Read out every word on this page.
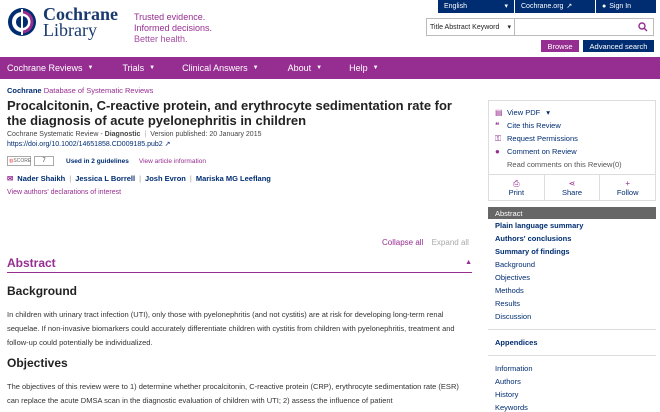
Cochrane
Library
Trusted evidence.
Informed decisions.
Better health.
English	▾ Cochrane.org ↗	● Sign In
Title Abstract Keyword ▾
Browse	Advanced search
Cochrane Reviews ▼	Trials ▼	Clinical Answers ▼	About ▼	Help ▼
Cochrane Database of Systematic Reviews
Procalcitonin, C-reactive protein, and erythrocyte sedimentation rate for the diagnosis of acute pyelonephritis in children
Cochrane Systematic Review - Diagnostic | Version published: 20 January 2015
https://doi.org/10.1002/14651858.CD009185.pub2 ↗
◍ SCORE	7	Used in 2 guidelines View article information
✉ Nader Shaikh | Jessica L Borrell | Josh Evron | Mariska MG Leeflang
View authors' declarations of interest
Collapse all Expand all
Abstract	▲
Background
In children with urinary tract infection (UTI), only those with pyelonephritis (and not cystitis) are at risk for developing long-term renal sequelae. If non-invasive biomarkers could accurately differentiate children with cystitis from children with pyelonephritis, treatment and follow-up could potentially be individualized.
Objectives
The objectives of this review were to 1) determine whether procalcitonin, C-reactive protein (CRP), erythrocyte sedimentation rate (ESR) can replace the acute DMSA scan in the diagnostic evaluation of children with UTI; 2) assess the influence of patient
▤ View PDF ▾
❝	Cite this Review
⚿ Request Permissions
● Comment on Review
Read comments on this Review(0)
⎙
Print
⋖
Share
+
Follow
Abstract
Plain language summary
Authors' conclusions
Summary of findings
Background
Objectives
Methods
Results
Discussion
Appendices
Information
Authors
History
Keywords
